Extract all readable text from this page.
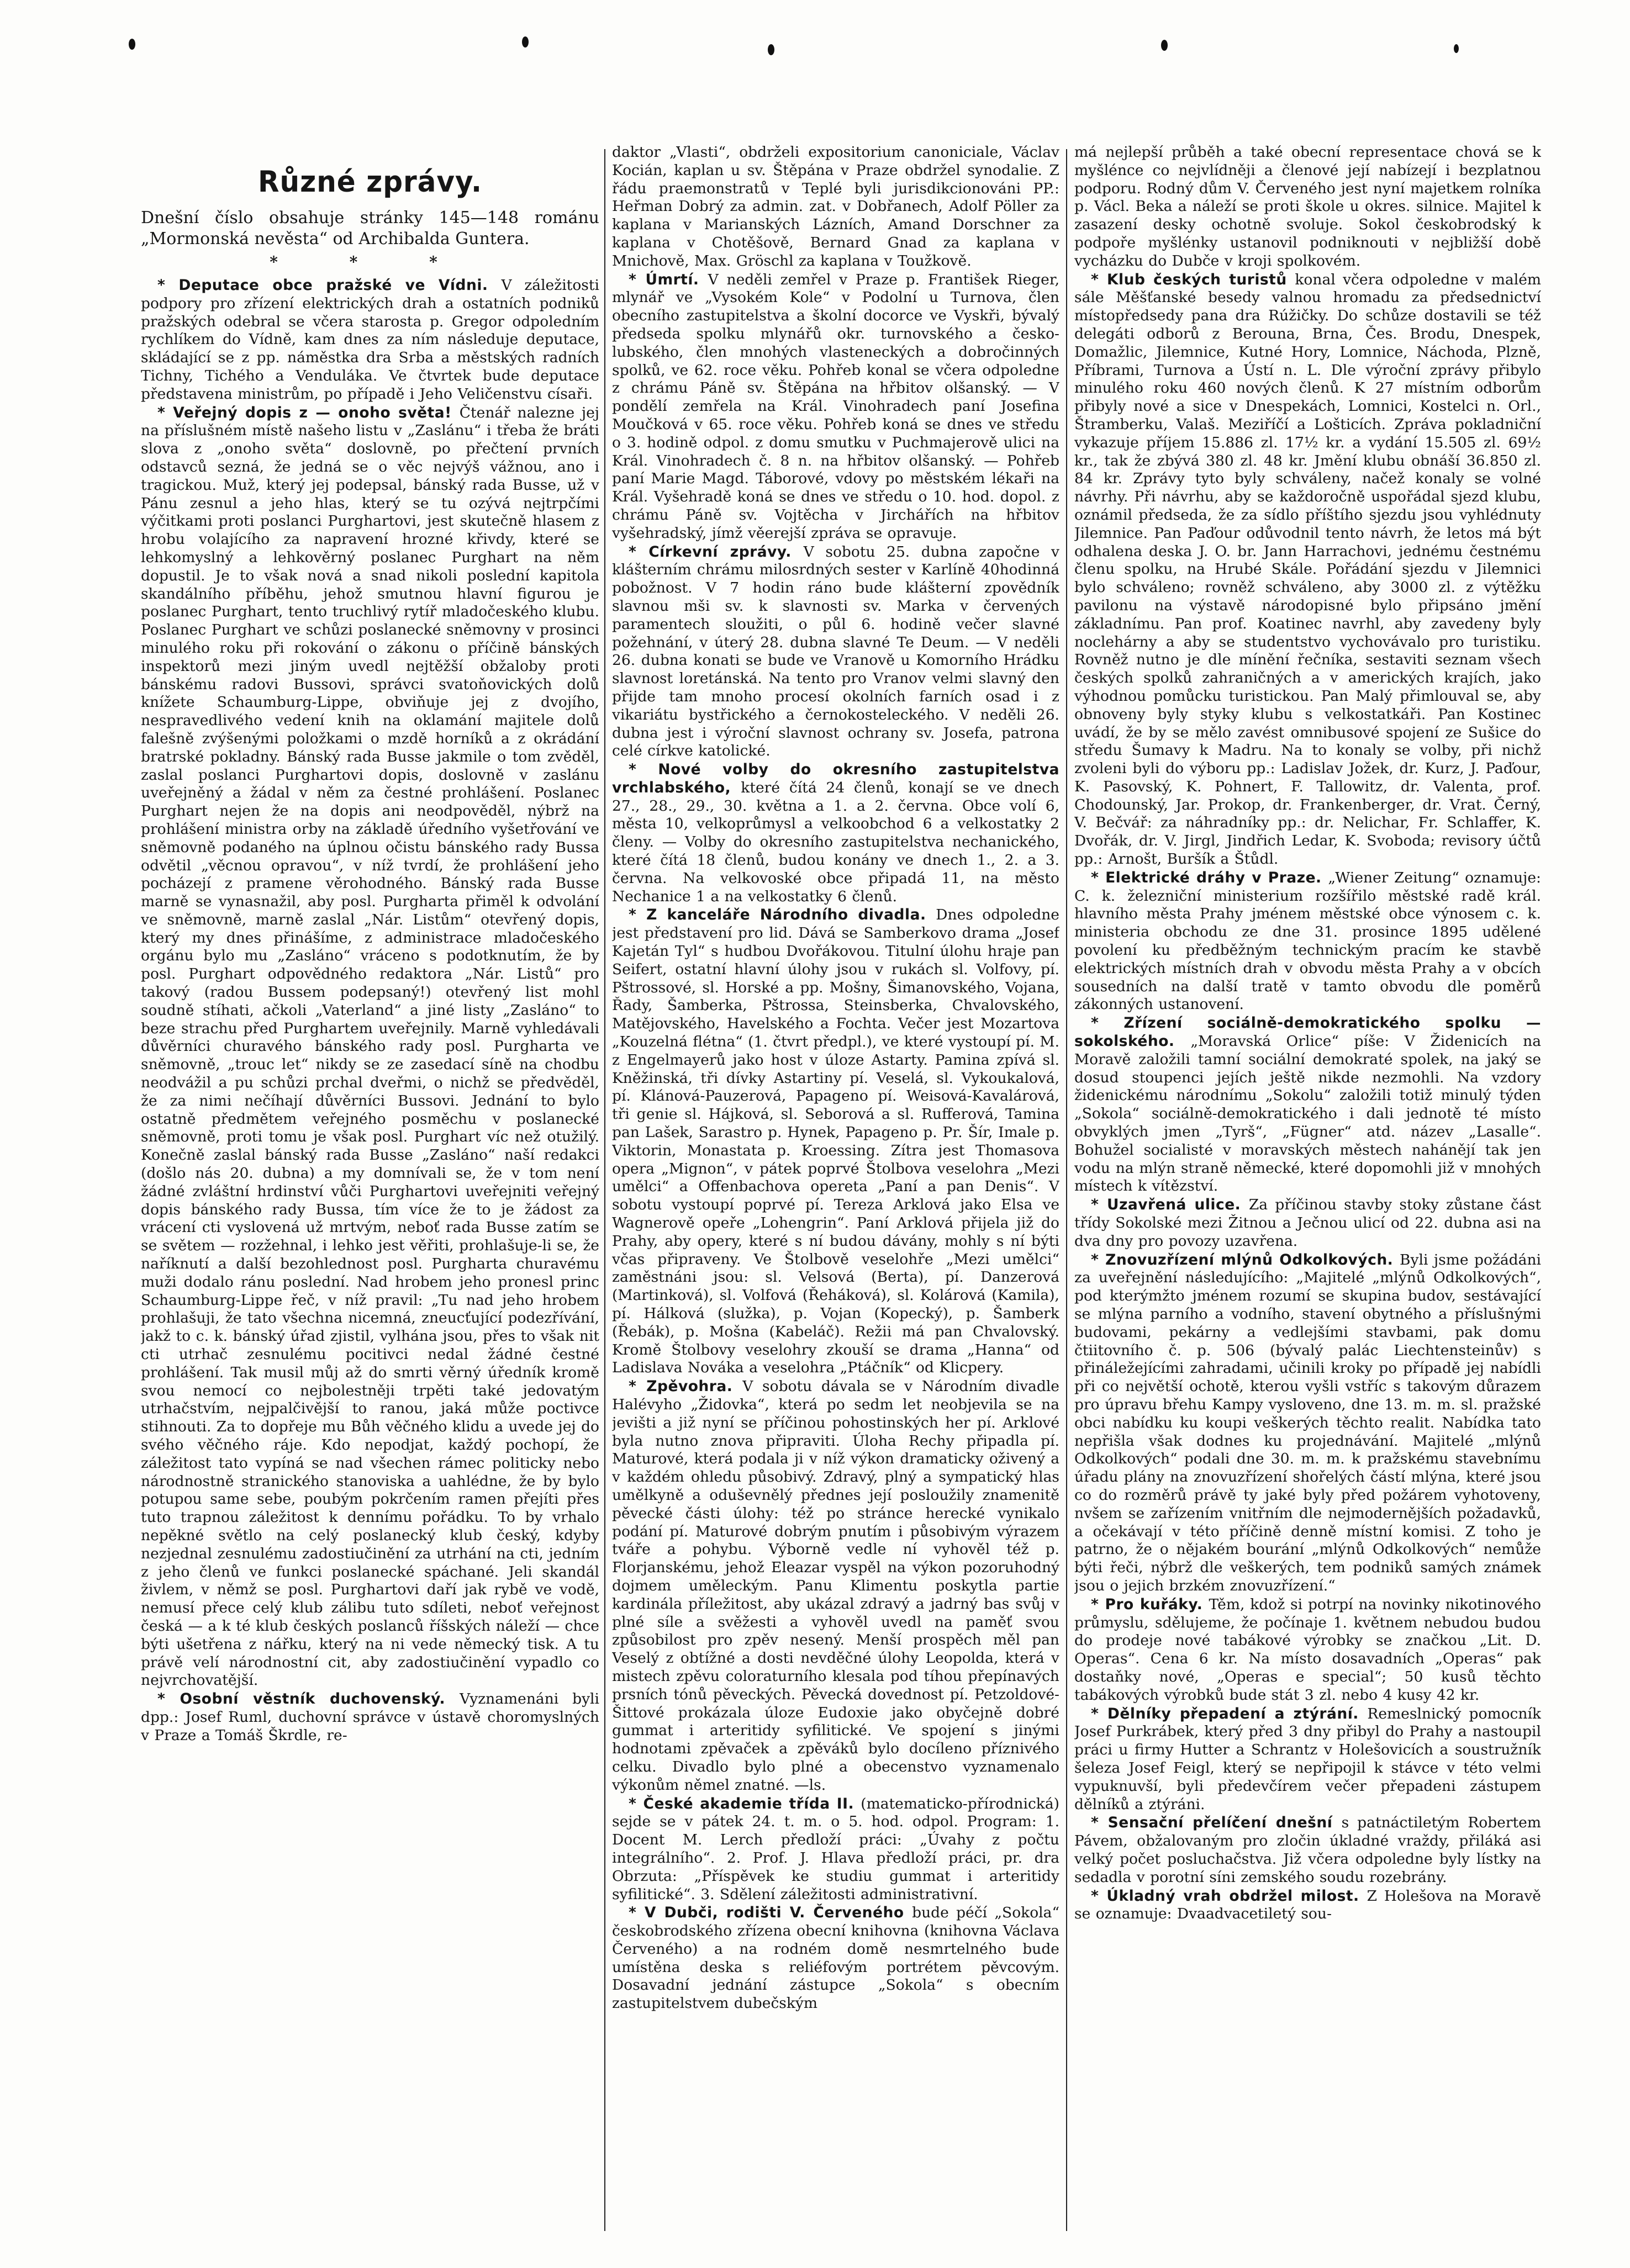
Různé zprávy.

Dnešní číslo obsahuje stránky 145—148 románu „Mormonská nevěsta“ od Archibalda Guntera.

* * *

* Deputace obce pražské ve Vídni. V záležitosti podpory pro zřízení elektrických drah a ostatních podniků pražských odebral se včera starosta p. Gregor odpoledním rychlíkem do Vídně, kam dnes za ním následuje deputace, skládající se z pp. náměstka dra Srba a městských radních Tichny, Tichého a Venduláka. Ve čtvrtek bude deputace představena ministrům, po případě i Jeho Veličenstvu císaři.

* Veřejný dopis z — onoho světa! Čtenář nalezne jej na příslušném místě našeho listu v „Zaslánu“ i třeba že bráti slova z „onoho světa“ doslovně, po přečtení prvních odstavců sezná, že jedná se o věc nejvýš vážnou, ano i tragickou. Muž, který jej podepsal, bánský rada Busse, už v Pánu zesnul a jeho hlas, který se tu ozývá nejtrpčími výčitkami proti poslanci Purghartovi, jest skutečně hlasem z hrobu volajícího za napravení hrozné křivdy, které se lehkomyslný a lehkověrný poslanec Purghart na něm dopustil. Je to však nová a snad nikoli poslední kapitola skandálního příběhu, jehož smutnou hlavní figurou je poslanec Purghart, tento truchlivý rytíř mladočeského klubu. Poslanec Purghart ve schůzi poslanecké sněmovny v prosinci minulého roku při rokování o zákonu o příčině bánských inspektorů mezi jiným uvedl nejtěžší obžaloby proti bánskému radovi Bussovi, správci svatoňovických dolů knížete Schaumburg-Lippe, obviňuje jej z dvojího, nespravedlivého vedení knih na oklamání majitele dolů falešně zvýšenými položkami o mzdě horníků a z okrádání bratrské pokladny. Bánský rada Busse jakmile o tom zvěděl, zaslal poslanci Purghartovi dopis, doslovně v zaslánu uveřejněný a žádal v něm za čestné prohlášení. Poslanec Purghart nejen že na dopis ani neodpověděl, nýbrž na prohlášení ministra orby na základě úředního vyšetřování ve sněmovně podaného na úplnou očistu bánského rady Bussa odvětil „věcnou opravou“, v níž tvrdí, že prohlášení jeho pocházejí z pramene věrohodného. Bánský rada Busse marně se vynasnažil, aby posl. Purgharta přiměl k odvolání ve sněmovně, marně zaslal „Nár. Listům“ otevřený dopis, který my dnes přinášíme, z administrace mladočeského orgánu bylo mu „Zasláno“ vráceno s podotknutím, že by posl. Purghart odpovědného redaktora „Nár. Listů“ pro takový (radou Bussem podepsaný!) otevřený list mohl soudně stíhati, ačkoli „Vaterland“ a jiné listy „Zasláno“ to beze strachu před Purghartem uveřejnily. Marně vyhledávali důvěrníci churavého bánského rady posl. Purgharta ve sněmovně, „trouc let“ nikdy se ze zasedací síně na chodbu neodvážil a pu schůzi prchal dveřmi, o nichž se předvěděl, že za nimi nečíhají důvěrníci Bussovi. Jednání to bylo ostatně předmětem veřejného posměchu v poslanecké sněmovně, proti tomu je však posl. Purghart víc než otužilý. Konečně zaslal bánský rada Busse „Zasláno“ naší redakci (došlo nás 20. dubna) a my domnívali se, že v tom není žádné zvláštní hrdinství vůči Purghartovi uveřejniti veřejný dopis bánského rady Bussa, tím více že to je žádost za vrácení cti vyslovená už mrtvým, neboť rada Busse zatím se se světem — rozžehnal, i lehko jest věřiti, prohlašuje-li se, že naříknutí a další bezohlednost posl. Purgharta churavému muži dodalo ránu poslední. Nad hrobem jeho pronesl princ Schaumburg-Lippe řeč, v níž pravil: „Tu nad jeho hrobem prohlašuji, že tato všechna nicemná, zneucťující podezřívání, jakž to c. k. bánský úřad zjistil, vylhána jsou, přes to však nit cti utrhač zesnulému pocitivci nedal žádné čestné prohlášení. Tak musil můj až do smrti věrný úředník kromě svou nemocí co nejbolestněji trpěti také jedovatým utrhačstvím, nejpalčivější to ranou, jaká může poctivce stihnouti. Za to dopřeje mu Bůh věčného klidu a uvede jej do svého věčného ráje. Kdo nepodjat, každý pochopí, že záležitost tato vypíná se nad všechen rámec politicky nebo národnostně stranického stanoviska a uahlédne, že by bylo potupou same sebe, poubým pokrčením ramen přejíti přes tuto trapnou záležitost k dennímu pořádku. To by vrhalo nepěkné světlo na celý poslanecký klub český, kdyby nezjednal zesnulému zadostiučinění za utrhání na cti, jedním z jeho členů ve funkci poslanecké spáchané. Jeli skandál živlem, v němž se posl. Purghartovi daří jak rybě ve vodě, nemusí přece celý klub zálibu tuto sdíleti, neboť veřejnost česká — a k té klub českých poslanců říšských náleží — chce býti ušetřena z nářku, který na ni vede německý tisk. A tu právě velí národnostní cit, aby zadostiučinění vypadlo co nejvrchovatější.

* Osobní věstník duchovenský. Vyznamenáni byli dpp.: Josef Ruml, duchovní správce v ústavě choromyslných v Praze a Tomáš Škrdle, re-

daktor „Vlasti“, obdrželi expositorium canoniciale, Václav Kocián, kaplan u sv. Štěpána v Praze obdržel synodalie. Z řádu praemonstratů v Teplé byli jurisdikcionováni PP.: Heřman Dobrý za admin. zat. v Dobřanech, Adolf Pöller za kaplana v Marianských Lázních, Amand Dorschner za kaplana v Chotěšově, Bernard Gnad za kaplana v Mnichově, Max. Gröschl za kaplana v Toužkově.

* Úmrtí. V neděli zemřel v Praze p. František Rieger, mlynář ve „Vysokém Kole“ v Podolní u Turnova, člen obecního zastupitelstva a školní docorce ve Vyskři, bývalý předseda spolku mlynářů okr. turnovského a česko-lubského, člen mnohých vlasteneckých a dobročinných spolků, ve 62. roce věku. Pohřeb konal se včera odpoledne z chrámu Páně sv. Štěpána na hřbitov olšanský. — V pondělí zemřela na Král. Vinohradech paní Josefina Moučková v 65. roce věku. Pohřeb koná se dnes ve středu o 3. hodině odpol. z domu smutku v Puchmajerově ulici na Král. Vinohradech č. 8 n. na hřbitov olšanský. — Pohřeb paní Marie Magd. Táborové, vdovy po městském lékaři na Král. Vyšehradě koná se dnes ve středu o 10. hod. dopol. z chrámu Páně sv. Vojtěcha v Jirchářích na hřbitov vyšehradský, jímž věerejší zpráva se opravuje.

* Církevní zprávy. V sobotu 25. dubna započne v klášterním chrámu milosrdných sester v Karlíně 40hodinná pobožnost. V 7 hodin ráno bude klášterní zpovědník slavnou mši sv. k slavnosti sv. Marka v červených paramentech sloužiti, o půl 6. hodině večer slavné požehnání, v úterý 28. dubna slavné Te Deum. — V neděli 26. dubna konati se bude ve Vranově u Komorního Hrádku slavnost loretánská. Na tento pro Vranov velmi slavný den přijde tam mnoho procesí okolních farních osad i z vikariátu bystřického a černokosteleckého. V neděli 26. dubna jest i výroční slavnost ochrany sv. Josefa, patrona celé církve katolické.

* Nové volby do okresního zastupitelstva vrchlabského, které čítá 24 členů, konají se ve dnech 27., 28., 29., 30. května a 1. a 2. června. Obce volí 6, města 10, velkoprůmysl a velkoobchod 6 a velkostatky 2 členy. — Volby do okresního zastupitelstva nechanického, které čítá 18 členů, budou konány ve dnech 1., 2. a 3. června. Na velkovoské obce připadá 11, na město Nechanice 1 a na velkostatky 6 členů.

* Z kanceláře Národního divadla. Dnes odpoledne jest představení pro lid. Dává se Samberkovo drama „Josef Kajetán Tyl“ s hudbou Dvořákovou. Titulní úlohu hraje pan Seifert, ostatní hlavní úlohy jsou v rukách sl. Volfovy, pí. Pštrossové, sl. Horské a pp. Mošny, Šimanovského, Vojana, Řady, Šamberka, Pštrossa, Steinsberka, Chvalovského, Matějovského, Havelského a Fochta. Večer jest Mozartova „Kouzelná flétna“ (1. čtvrt předpl.), ve které vystoupí pí. M. z Engelmayerů jako host v úloze Astarty. Pamina zpívá sl. Kněžinská, tři dívky Astartiny pí. Veselá, sl. Vykoukalová, pí. Klánová-Pauzerová, Papageno pí. Weisová-Kavalárová, tři genie sl. Hájková, sl. Seborová a sl. Rufferová, Tamina pan Lašek, Sarastro p. Hynek, Papageno p. Pr. Šír, Imale p. Viktorin, Monastata p. Kroessing. Zítra jest Thomasova opera „Mignon“, v pátek poprvé Štolbova veselohra „Mezi umělci“ a Offenbachova opereta „Paní a pan Denis“. V sobotu vystoupí poprvé pí. Tereza Arklová jako Elsa ve Wagnerově opeře „Lohengrin“. Paní Arklová přijela již do Prahy, aby opery, které s ní budou dávány, mohly s ní býti včas připraveny. Ve Štolbově veselohře „Mezi umělci“ zaměstnáni jsou: sl. Velsová (Berta), pí. Danzerová (Martinková), sl. Volfová (Řeháková), sl. Kolárová (Kamila), pí. Hálková (služka), p. Vojan (Kopecký), p. Šamberk (Řebák), p. Mošna (Kabeláč). Režii má pan Chvalovský. Kromě Štolbovy veselohry zkouší se drama „Hanna“ od Ladislava Nováka a veselohra „Ptáčník“ od Klicpery.

* Zpěvohra. V sobotu dávala se v Národním divadle Halévyho „Židovka“, která po sedm let neobjevila se na jevišti a již nyní se příčinou pohostinských her pí. Arklové byla nutno znova připraviti. Úloha Rechy připadla pí. Maturové, která podala ji v níž výkon dramaticky oživený a v každém ohledu působivý. Zdravý, plný a sympatický hlas umělkyně a oduševnělý přednes její posloužily znamenitě pěvecké části úlohy: též po stránce herecké vynikalo podání pí. Maturové dobrým pnutím i působivým výrazem tváře a pohybu. Výborně vedle ní vyhověl též p. Florjanskému, jehož Eleazar vyspěl na výkon pozoruhodný dojmem uměleckým. Panu Klimentu poskytla partie kardinála příležitost, aby ukázal zdravý a jadrný bas svůj v plné síle a svěžesti a vyhověl uvedl na paměť svou způsobilost pro zpěv nesený. Menší prospěch měl pan Veselý z obtížné a dosti nevděčné úlohy Leopolda, která v mistech zpěvu coloraturního klesala pod tíhou přepínavých prsních tónů pěveckých. Pěvecká dovednost pí. Petzoldové-Šittové prokázala úloze Eudoxie jako obyčejně dobré gummat i arteritidy syfilitické. Ve spojení s jinými hodnotami zpěvaček a zpěváků bylo docíleno příznivého celku. Divadlo bylo plné a obecenstvo vyznamenalo výkonům němel znatné. —ls.

* České akademie třída II. (matematicko-přírodnická) sejde se v pátek 24. t. m. o 5. hod. odpol. Program: 1. Docent M. Lerch předloží práci: „Úvahy z počtu integrálního“. 2. Prof. J. Hlava předloží práci, pr. dra Obrzuta: „Příspěvek ke studiu gummat i arteritidy syfilitické“. 3. Sdělení záležitosti administrativní.

* V Dubči, rodišti V. Červeného bude péčí „Sokola“ českobrodského zřízena obecní knihovna (knihovna Václava Červeného) a na rodném domě nesmrtelného bude umístěna deska s reliéfovým portrétem pěvcovým. Dosavadní jednání zástupce „Sokola“ s obecním zastupitelstvem dubečským

má nejlepší průběh a také obecní representace chová se k myšlénce co nejvlídněji a členové její nabízejí i bezplatnou podporu. Rodný dům V. Červeného jest nyní majetkem rolníka p. Václ. Beka a náleží se proti škole u okres. silnice. Majitel k zasazení desky ochotně svoluje. Sokol českobrodský k podpoře myšlénky ustanovil podniknouti v nejbližší době vycházku do Dubče v kroji spolkovém.

* Klub českých turistů konal včera odpoledne v malém sále Měšťanské besedy valnou hromadu za předsednictví místopředsedy pana dra Rúžičky. Do schůze dostavili se též delegáti odborů z Berouna, Brna, Čes. Brodu, Dnespek, Domažlic, Jilemnice, Kutné Hory, Lomnice, Náchoda, Plzně, Příbrami, Turnova a Ústí n. L. Dle výroční zprávy přibylo minulého roku 460 nových členů. K 27 místním odborům přibyly nové a sice v Dnespekách, Lomnici, Kostelci n. Orl., Štramberku, Valaš. Meziříčí a Lošticích. Zpráva pokladniční vykazuje příjem 15.886 zl. 17½ kr. a vydání 15.505 zl. 69½ kr., tak že zbývá 380 zl. 48 kr. Jmění klubu obnáší 36.850 zl. 84 kr. Zprávy tyto byly schváleny, načež konaly se volné návrhy. Při návrhu, aby se každoročně uspořádal sjezd klubu, oznámil předseda, že za sídlo příštího sjezdu jsou vyhlédnuty Jilemnice. Pan Paďour odůvodnil tento návrh, že letos má být odhalena deska J. O. br. Jann Harrachovi, jednému čestnému členu spolku, na Hrubé Skále. Pořádání sjezdu v Jilemnici bylo schváleno; rovněž schváleno, aby 3000 zl. z výtěžku pavilonu na výstavě národopisné bylo připsáno jmění základnímu. Pan prof. Koatinec navrhl, aby zavedeny byly noclehárny a aby se studentstvo vychovávalo pro turistiku. Rovněž nutno je dle mínění řečníka, sestaviti seznam všech českých spolků zahraničných a v amerických krajích, jako výhodnou pomůcku turistickou. Pan Malý přimlouval se, aby obnoveny byly styky klubu s velkostatkáři. Pan Kostinec uvádí, že by se mělo zavést omnibusové spojení ze Sušice do středu Šumavy k Madru. Na to konaly se volby, při nichž zvoleni byli do výboru pp.: Ladislav Jožek, dr. Kurz, J. Paďour, K. Pasovský, K. Pohnert, F. Tallowitz, dr. Valenta, prof. Chodounský, Jar. Prokop, dr. Frankenberger, dr. Vrat. Černý, V. Bečvář: za náhradníky pp.: dr. Nelichar, Fr. Schlaffer, K. Dvořák, dr. V. Jirgl, Jindřich Ledar, K. Svoboda; revisory účtů pp.: Arnošt, Buršík a Štůdl.

* Elektrické dráhy v Praze. „Wiener Zeitung“ oznamuje: C. k. železniční ministerium rozšířilo městské radě král. hlavního města Prahy jménem městské obce výnosem c. k. ministeria obchodu ze dne 31. prosince 1895 udělené povolení ku předběžným technickým pracím ke stavbě elektrických místních drah v obvodu města Prahy a v obcích sousedních na další tratě v tamto obvodu dle poměrů zákonných ustanovení.

* Zřízení sociálně-demokratického spolku — sokolského. „Moravská Orlice“ píše: V Židenicích na Moravě založili tamní sociální demokraté spolek, na jaký se dosud stoupenci jejích ještě nikde nezmohli. Na vzdory židenickému národnímu „Sokolu“ založili totiž minulý týden „Sokola“ sociálně-demokratického i dali jednotě té místo obvyklých jmen „Tyrš“, „Fügner“ atd. název „Lasalle“. Bohužel socialisté v moravských městech nahánějí tak jen vodu na mlýn straně německé, které dopomohli již v mnohých místech k vítězství.

* Uzavřená ulice. Za příčinou stavby stoky zůstane část třídy Sokolské mezi Žitnou a Ječnou ulicí od 22. dubna asi na dva dny pro povozy uzavřena.

* Znovuzřízení mlýnů Odkolkových. Byli jsme požádáni za uveřejnění následujícího: „Majitelé „mlýnů Odkolkových“, pod kterýmžto jménem rozumí se skupina budov, sestávající se mlýna parního a vodního, stavení obytného a příslušnými budovami, pekárny a vedlejšími stavbami, pak domu čtiitovního č. p. 506 (bývalý palác Liechtensteinův) s přináležejícími zahradami, učinili kroky po případě jej nabídli při co největší ochotě, kterou vyšli vstříc s takovým důrazem pro úpravu břehu Kampy vysloveno, dne 13. m. m. sl. pražské obci nabídku ku koupi veškerých těchto realit. Nabídka tato nepřišla však dodnes ku projednávání. Majitelé „mlýnů Odkolkových“ podali dne 30. m. m. k pražskému stavebnímu úřadu plány na znovuzřízení shořelých částí mlýna, které jsou co do rozměrů právě ty jaké byly před požárem vyhotoveny, nvšem se zařízením vnitřním dle nejmodernějších požadavků, a očekávají v této příčině denně místní komisi. Z toho je patrno, že o nějakém bourání „mlýnů Odkolkových“ nemůže býti řeči, nýbrž dle veškerých, tem podniků samých známek jsou o jejich brzkém znovuzřízení.“

* Pro kuřáky. Těm, kdož si potrpí na novinky nikotinového průmyslu, sdělujeme, že počínaje 1. květnem nebudou budou do prodeje nové tabákové výrobky se značkou „Lit. D. Operas“. Cena 6 kr. Na místo dosavadních „Operas“ pak dostaňky nové, „Operas e special“; 50 kusů těchto tabákových výrobků bude stát 3 zl. nebo 4 kusy 42 kr.

* Dělníky přepadení a ztýrání. Remeslnický pomocník Josef Purkrábek, který před 3 dny přibyl do Prahy a nastoupil práci u firmy Hutter a Schrantz v Holešovicích a soustružník šeleza Josef Feigl, který se nepřipojil k stávce v této velmi vypuknuvší, byli předevčírem večer přepadeni zástupem dělníků a ztýráni.

* Sensační přelíčení dnešní s patnáctiletým Robertem Pávem, obžalovaným pro zločin úkladné vraždy, přiláká asi velký počet posluchačstva. Již včera odpoledne byly lístky na sedadla v porotní síni zemského soudu rozebrány.

* Úkladný vrah obdržel milost. Z Holešova na Moravě se oznamuje: Dvaadvacetiletý sou-
